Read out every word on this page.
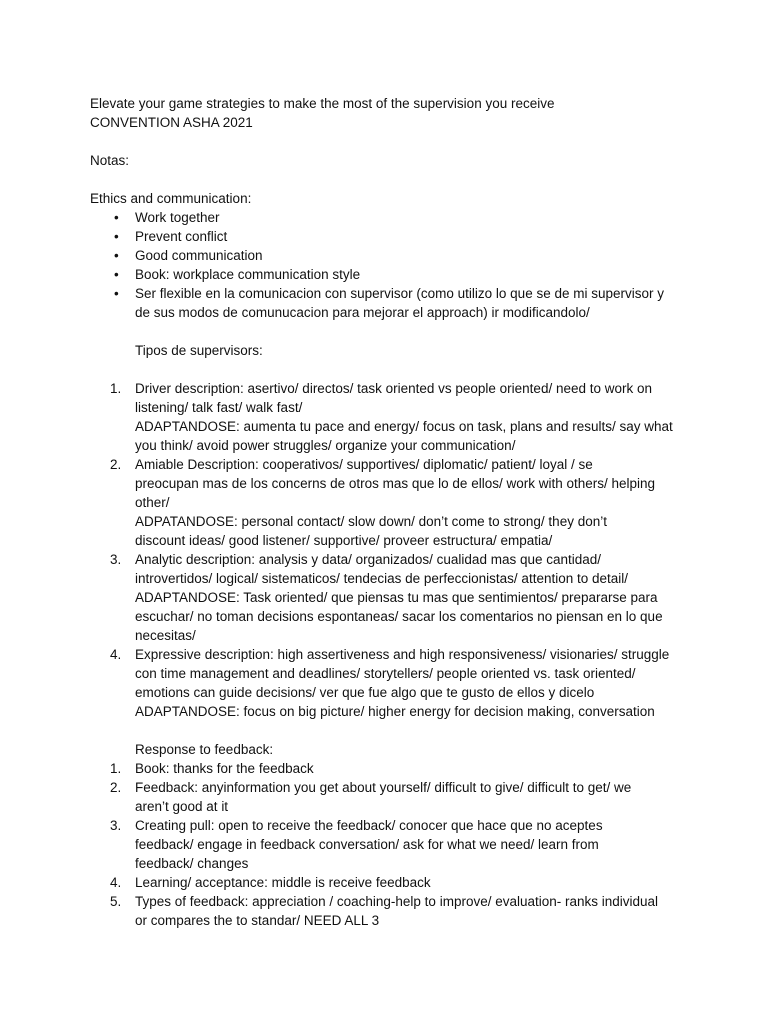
Elevate your game strategies to make the most of the supervision you receive

CONVENTION ASHA 2021

Notas:

Ethics and communication:

• Work together
• Prevent conflict
• Good communication
• Book: workplace communication style
• Ser flexible en la comunicacion con supervisor (como utilizo lo que se de mi supervisor y
de sus modos de comunucacion para mejorar el approach) ir modificandolo/
Tipos de supervisors:
1. Driver description: asertivo/ directos/ task oriented vs people oriented/ need to work on
listening/ talk fast/ walk fast/
ADAPTANDOSE: aumenta tu pace and energy/ focus on task, plans and results/ say what
you think/ avoid power struggles/ organize your communication/
2. Amiable Description: cooperativos/ supportives/ diplomatic/ patient/ loyal / se
preocupan mas de los concerns de otros mas que lo de ellos/ work with others/ helping
other/
ADPATANDOSE: personal contact/ slow down/ don’t come to strong/ they don’t
discount ideas/ good listener/ supportive/ proveer estructura/ empatia/
3. Analytic description: analysis y data/ organizados/ cualidad mas que cantidad/
introvertidos/ logical/ sistematicos/ tendecias de perfeccionistas/ attention to detail/
ADAPTANDOSE: Task oriented/ que piensas tu mas que sentimientos/ prepararse para
escuchar/ no toman decisions espontaneas/ sacar los comentarios no piensan en lo que
necesitas/
4. Expressive description: high assertiveness and high responsiveness/ visionaries/ struggle
con time management and deadlines/ storytellers/ people oriented vs. task oriented/
emotions can guide decisions/ ver que fue algo que te gusto de ellos y dicelo
ADAPTANDOSE: focus on big picture/ higher energy for decision making, conversation
Response to feedback:
1. Book: thanks for the feedback
2. Feedback: anyinformation you get about yourself/ difficult to give/ difficult to get/ we
aren’t good at it
3. Creating pull: open to receive the feedback/ conocer que hace que no aceptes
feedback/ engage in feedback conversation/ ask for what we need/ learn from
feedback/ changes
4. Learning/ acceptance: middle is receive feedback
5. Types of feedback: appreciation / coaching-help to improve/ evaluation- ranks individual
or compares the to standar/ NEED ALL 3
